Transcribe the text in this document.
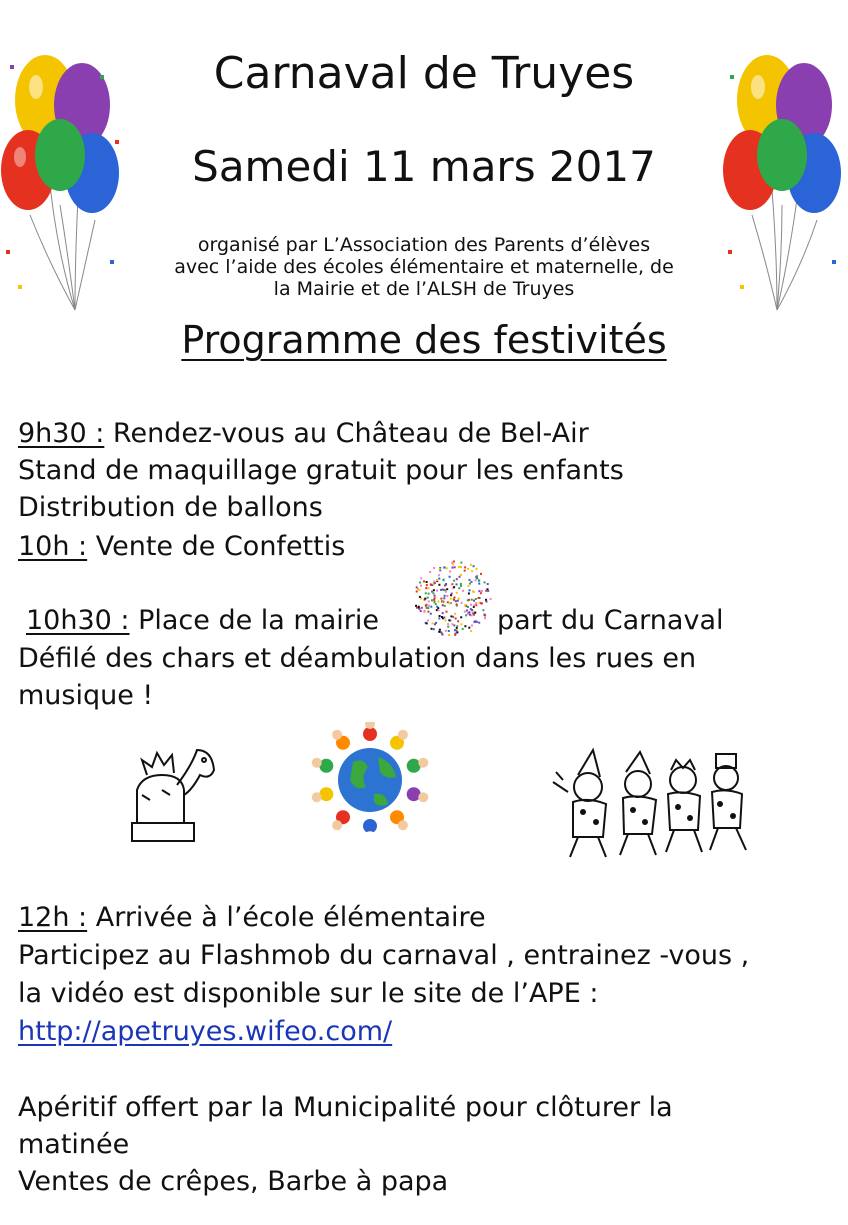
Carnaval de Truyes
Samedi 11 mars 2017
organisé par L’Association des Parents d’élèves
avec l’aide des écoles élémentaire et maternelle, de
la Mairie et de l’ALSH de Truyes
Programme des festivités
9h30 : Rendez-vous au Château de Bel-Air
Stand de maquillage gratuit pour les enfants
Distribution de ballons
10h : Vente de Confettis
10h30 : Place de la mairie	part du Carnaval
Défilé des chars et déambulation dans les rues en
musique !
12h : Arrivée à l’école élémentaire
Participez au Flashmob du carnaval , entrainez -vous ,
la vidéo est disponible sur le site de l’APE :
http://apetruyes.wifeo.com/
Apéritif offert par la Municipalité pour clôturer la
matinée
Ventes de crêpes, Barbe à papa
